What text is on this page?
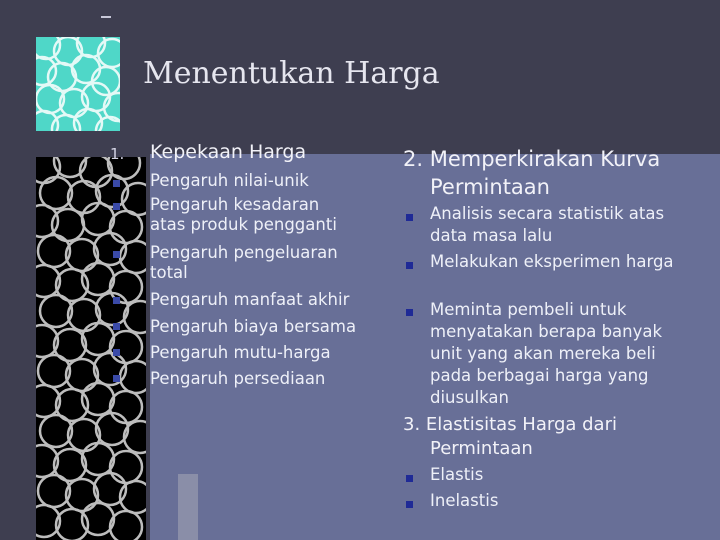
Menentukan Harga
1. Kepekaan Harga
Pengaruh nilai-unik
Pengaruh kesadaran
atas produk pengganti
Pengaruh pengeluaran
total
Pengaruh manfaat akhir
Pengaruh biaya bersama
Pengaruh mutu-harga
Pengaruh persediaan
2. Memperkirakan Kurva
Permintaan
Analisis secara statistik atas data masa lalu
Melakukan eksperimen harga
Meminta pembeli untuk menyatakan berapa banyak unit yang akan mereka beli pada berbagai harga yang diusulkan
3. Elastisitas Harga dari
Permintaan
Elastis
Inelastis
